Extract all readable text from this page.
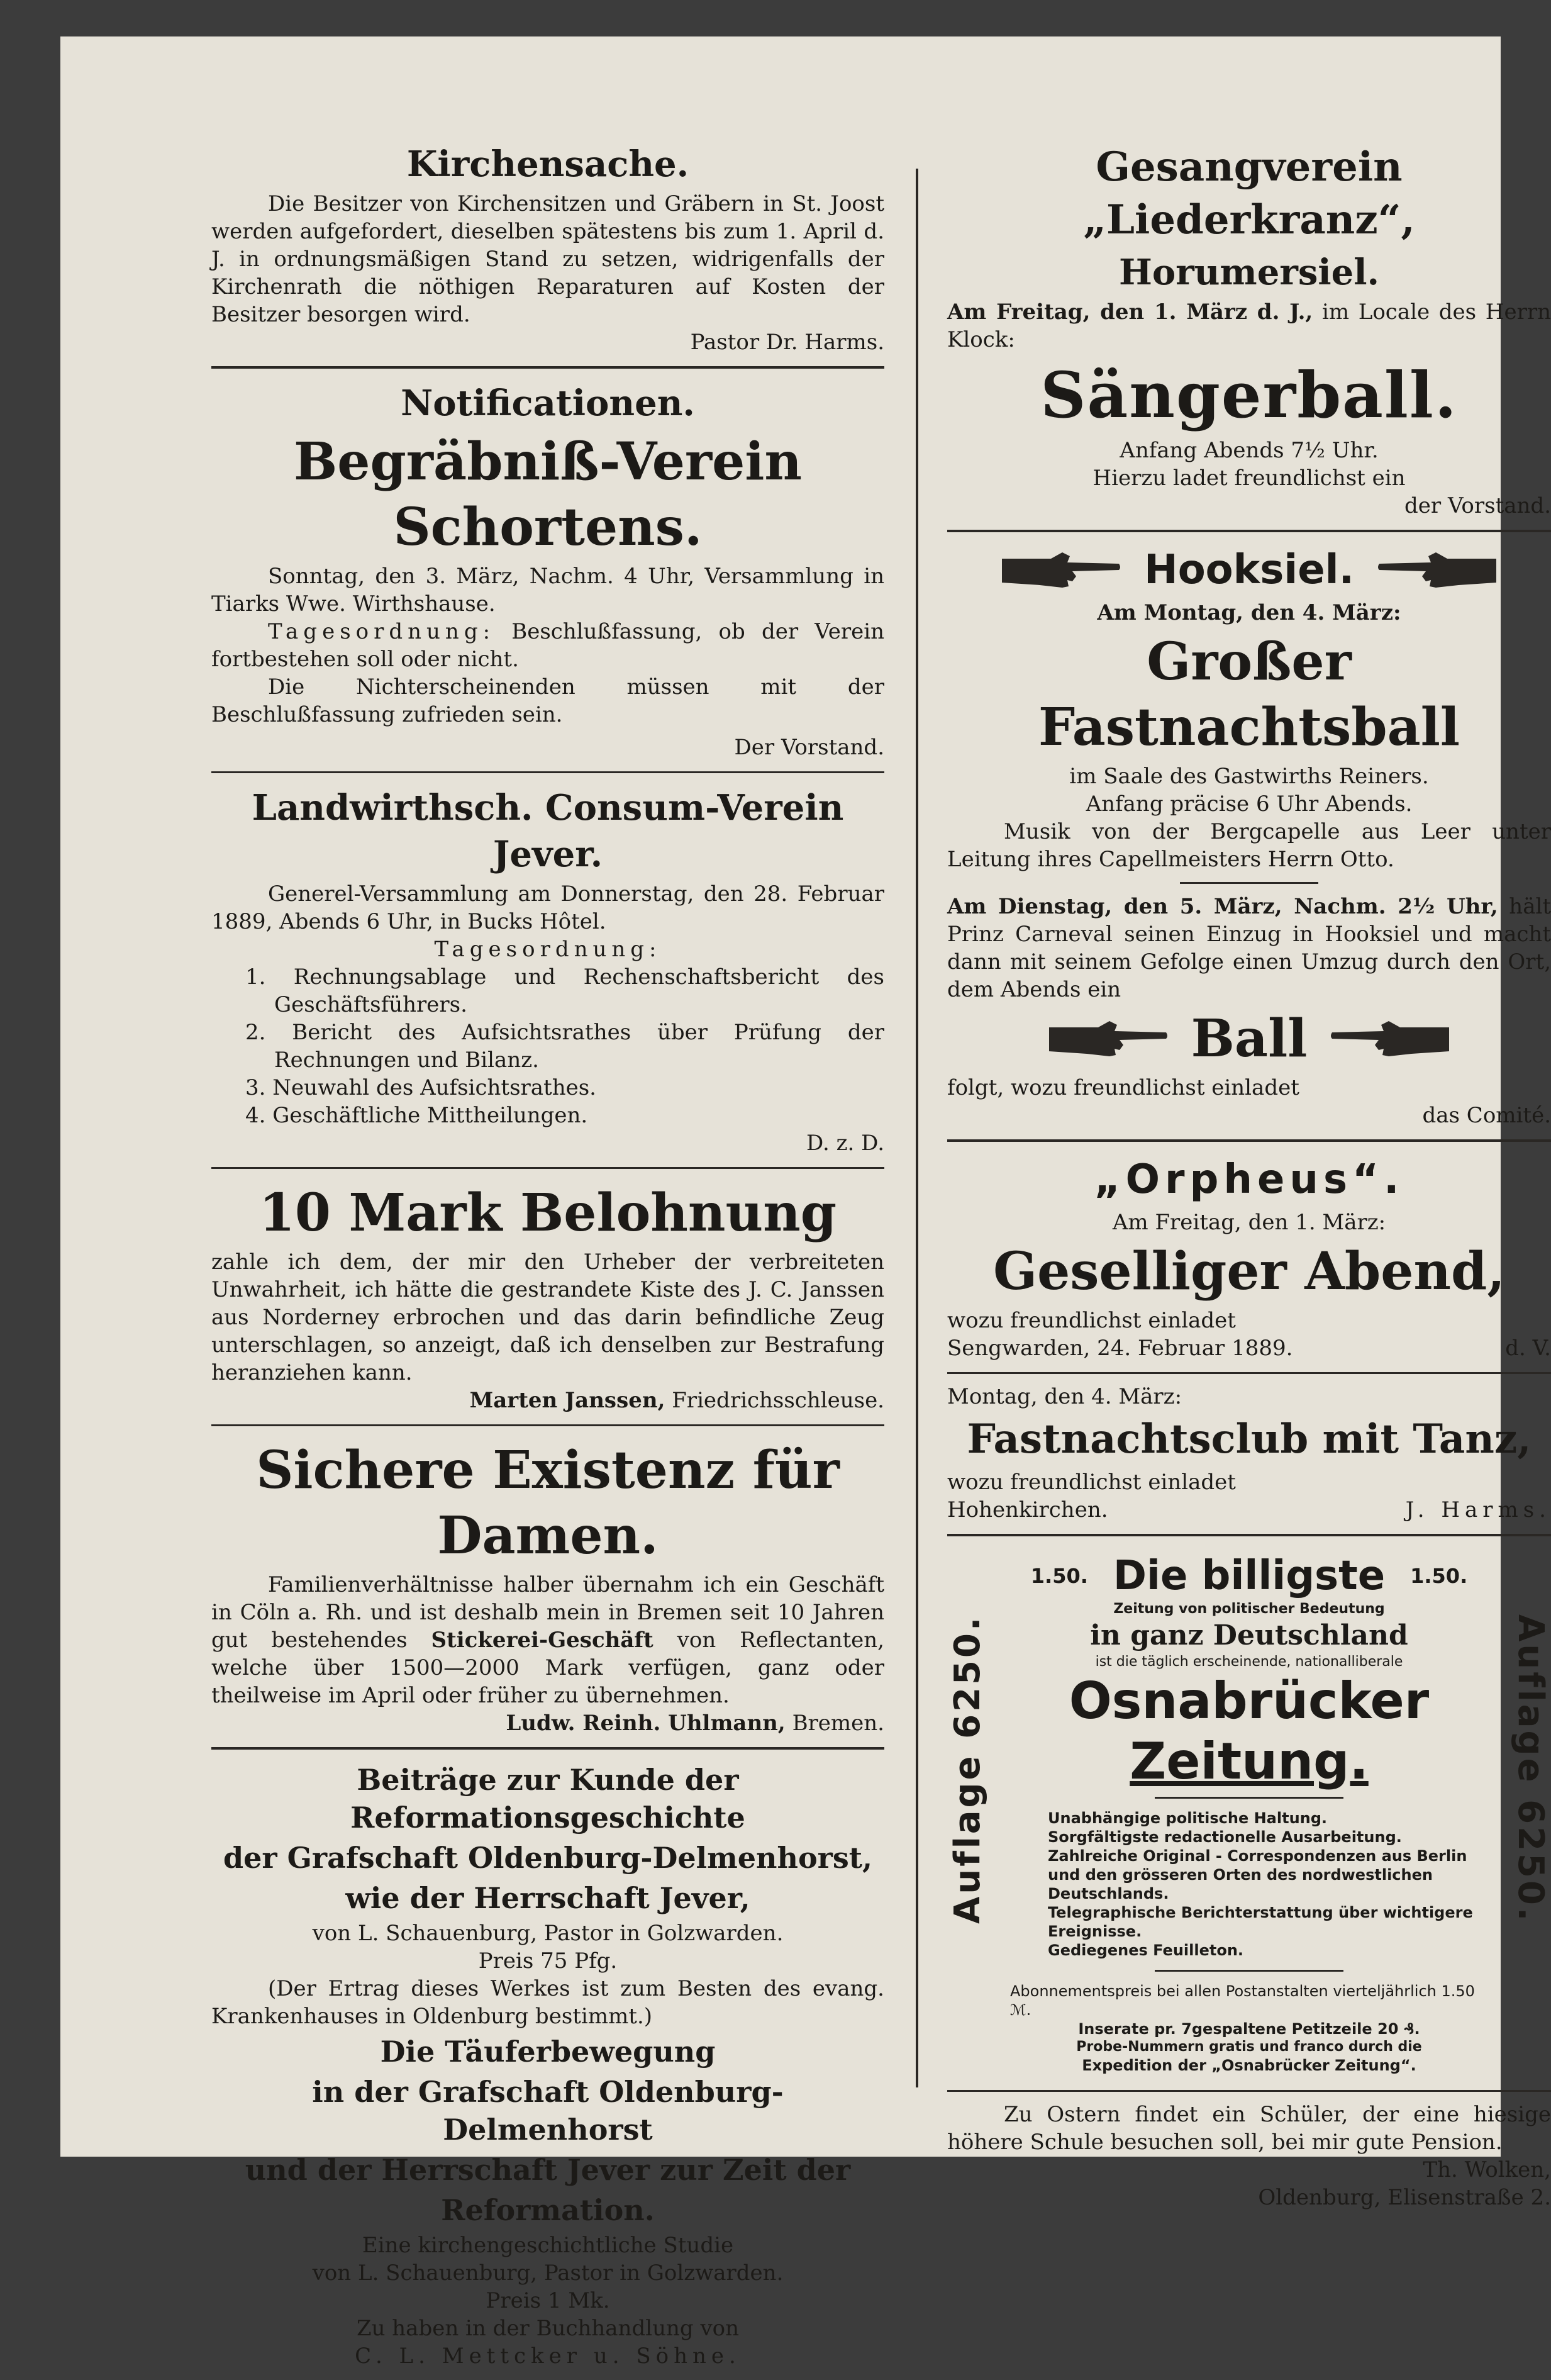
Kirchensache.

Die Besitzer von Kirchensitzen und Gräbern in St. Joost werden aufgefordert, dieselben spätestens bis zum 1. April d. J. in ordnungsmäßigen Stand zu setzen, widrigenfalls der Kirchenrath die nöthigen Reparaturen auf Kosten der Besitzer besorgen wird.

Pastor Dr. Harms.

Notificationen.
Begräbniß-Verein Schortens.

Sonntag, den 3. März, Nachm. 4 Uhr, Versammlung in Tiarks Wwe. Wirthshause.

Tagesordnung: Beschlußfassung, ob der Verein fortbestehen soll oder nicht.

Die Nichterscheinenden müssen mit der Beschlußfassung zufrieden sein.

Der Vorstand.

Landwirthsch. Consum-Verein Jever.

Generel-Versammlung am Donnerstag, den 28. Februar 1889, Abends 6 Uhr, in Bucks Hôtel.

Tagesordnung:

1. Rechnungsablage und Rechenschaftsbericht des Geschäftsführers.

2. Bericht des Aufsichtsrathes über Prüfung der Rechnungen und Bilanz.

3. Neuwahl des Aufsichtsrathes.

4. Geschäftliche Mittheilungen.

D. z. D.

10 Mark Belohnung

zahle ich dem, der mir den Urheber der verbreiteten Unwahrheit, ich hätte die gestrandete Kiste des J. C. Janssen aus Norderney erbrochen und das darin befindliche Zeug unterschlagen, so anzeigt, daß ich denselben zur Bestrafung heranziehen kann.

Marten Janssen, Friedrichsschleuse.

Sichere Existenz für Damen.

Familienverhältnisse halber übernahm ich ein Geschäft in Cöln a. Rh. und ist deshalb mein in Bremen seit 10 Jahren gut bestehendes Stickerei-Geschäft von Reflectanten, welche über 1500—2000 Mark verfügen, ganz oder theilweise im April oder früher zu übernehmen.

Ludw. Reinh. Uhlmann, Bremen.

Beiträge zur Kunde der Reformationsgeschichte
der Grafschaft Oldenburg-Delmenhorst,
wie der Herrschaft Jever,

von L. Schauenburg, Pastor in Golzwarden.

Preis 75 Pfg.

(Der Ertrag dieses Werkes ist zum Besten des evang. Krankenhauses in Oldenburg bestimmt.)

Die Täuferbewegung
in der Grafschaft Oldenburg-Delmenhorst
und der Herrschaft Jever zur Zeit der
Reformation.

Eine kirchengeschichtliche Studie

von L. Schauenburg, Pastor in Golzwarden.

Preis 1 Mk.

Zu haben in der Buchhandlung von

C. L. Mettcker u. Söhne.

Gesangverein „Liederkranz“,
Horumersiel.

Am Freitag, den 1. März d. J., im Locale des Herrn Klock:

Sängerball.

Anfang Abends 7½ Uhr.

Hierzu ladet freundlichst ein

der Vorstand.

Hooksiel.

Am Montag, den 4. März:

Großer Fastnachtsball

im Saale des Gastwirths Reiners.

Anfang präcise 6 Uhr Abends.

Musik von der Bergcapelle aus Leer unter Leitung ihres Capellmeisters Herrn Otto.

Am Dienstag, den 5. März, Nachm. 2½ Uhr, hält Prinz Carneval seinen Einzug in Hooksiel und macht dann mit seinem Gefolge einen Umzug durch den Ort, dem Abends ein

Ball

folgt, wozu freundlichst einladet

das Comité.

„Orpheus“.

Am Freitag, den 1. März:

Geselliger Abend,

wozu freundlichst einladet

Sengwarden, 24. Februar 1889.	d. V.

Montag, den 4. März:

Fastnachtsclub mit Tanz,

wozu freundlichst einladet

Hohenkirchen.	J. Harms.
Auflage 6250.	Auflage 6250.
1.50. Die billigste 1.50.

Zeitung von politischer Bedeutung

in ganz Deutschland

ist die täglich erscheinende, nationalliberale

Osnabrücker Zeitung.

Unabhängige politische Haltung.

Sorgfältigste redactionelle Ausarbeitung.

Zahlreiche Original - Correspondenzen aus Berlin und den grösseren Orten des nordwestlichen Deutschlands.

Telegraphische Berichterstattung über wichtigere Ereignisse.

Gediegenes Feuilleton.

Abonnementspreis bei allen Postanstalten vierteljährlich 1.50 ℳ.

Inserate pr. 7gespaltene Petitzeile 20 ₰.

Probe-Nummern gratis und franco durch die

Expedition der „Osnabrücker Zeitung“.

Zu Ostern findet ein Schüler, der eine hiesige höhere Schule besuchen soll, bei mir gute Pension.

Th. Wolken,

Oldenburg, Elisenstraße 2.
